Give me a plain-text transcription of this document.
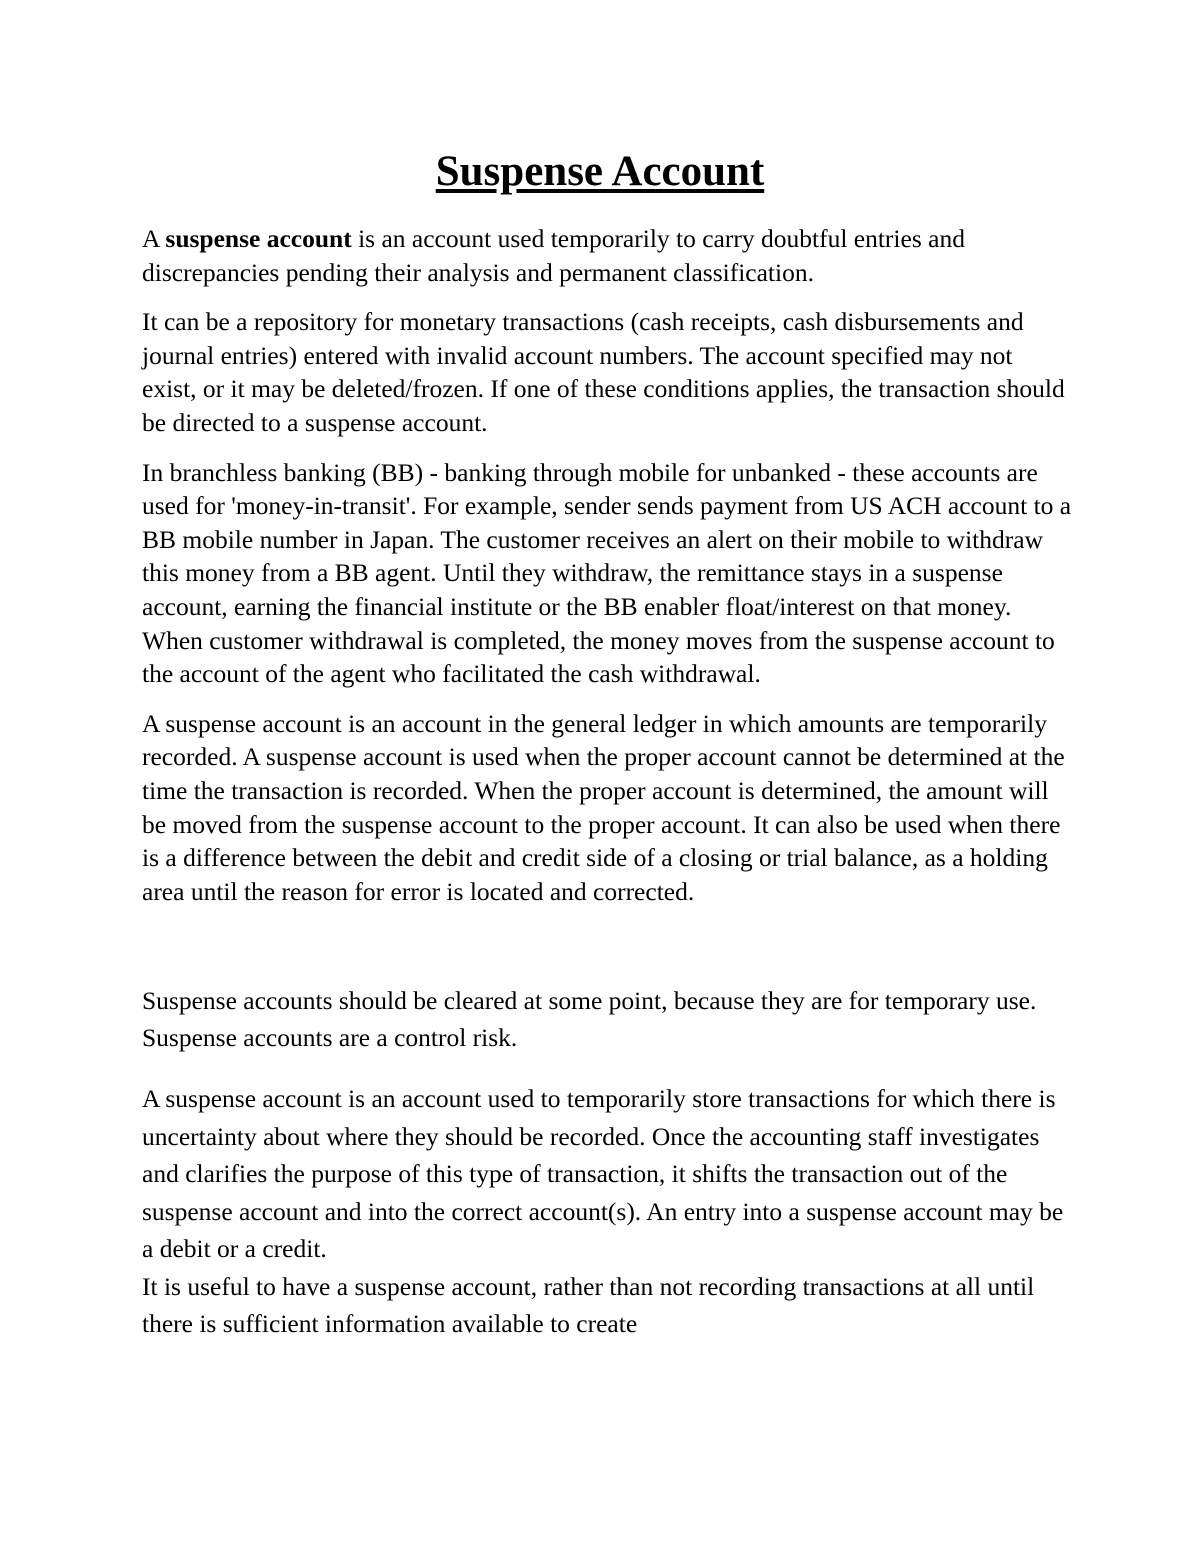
Suspense Account

A suspense account is an account used temporarily to carry doubtful entries and discrepancies pending their analysis and permanent classification.

It can be a repository for monetary transactions (cash receipts, cash disbursements and journal entries) entered with invalid account numbers. The account specified may not exist, or it may be deleted/frozen. If one of these conditions applies, the transaction should be directed to a suspense account.

In branchless banking (BB) - banking through mobile for unbanked - these accounts are used for 'money-in-transit'. For example, sender sends payment from US ACH account to a BB mobile number in Japan. The customer receives an alert on their mobile to withdraw this money from a BB agent. Until they withdraw, the remittance stays in a suspense account, earning the financial institute or the BB enabler float/interest on that money. When customer withdrawal is completed, the money moves from the suspense account to the account of the agent who facilitated the cash withdrawal.

A suspense account is an account in the general ledger in which amounts are temporarily recorded. A suspense account is used when the proper account cannot be determined at the time the transaction is recorded. When the proper account is determined, the amount will be moved from the suspense account to the proper account. It can also be used when there is a difference between the debit and credit side of a closing or trial balance, as a holding area until the reason for error is located and corrected.

Suspense accounts should be cleared at some point, because they are for temporary use. Suspense accounts are a control risk.

A suspense account is an account used to temporarily store transactions for which there is uncertainty about where they should be recorded. Once the accounting staff investigates and clarifies the purpose of this type of transaction, it shifts the transaction out of the suspense account and into the correct account(s). An entry into a suspense account may be a debit or a credit.

It is useful to have a suspense account, rather than not recording transactions at all until there is sufficient information available to create
